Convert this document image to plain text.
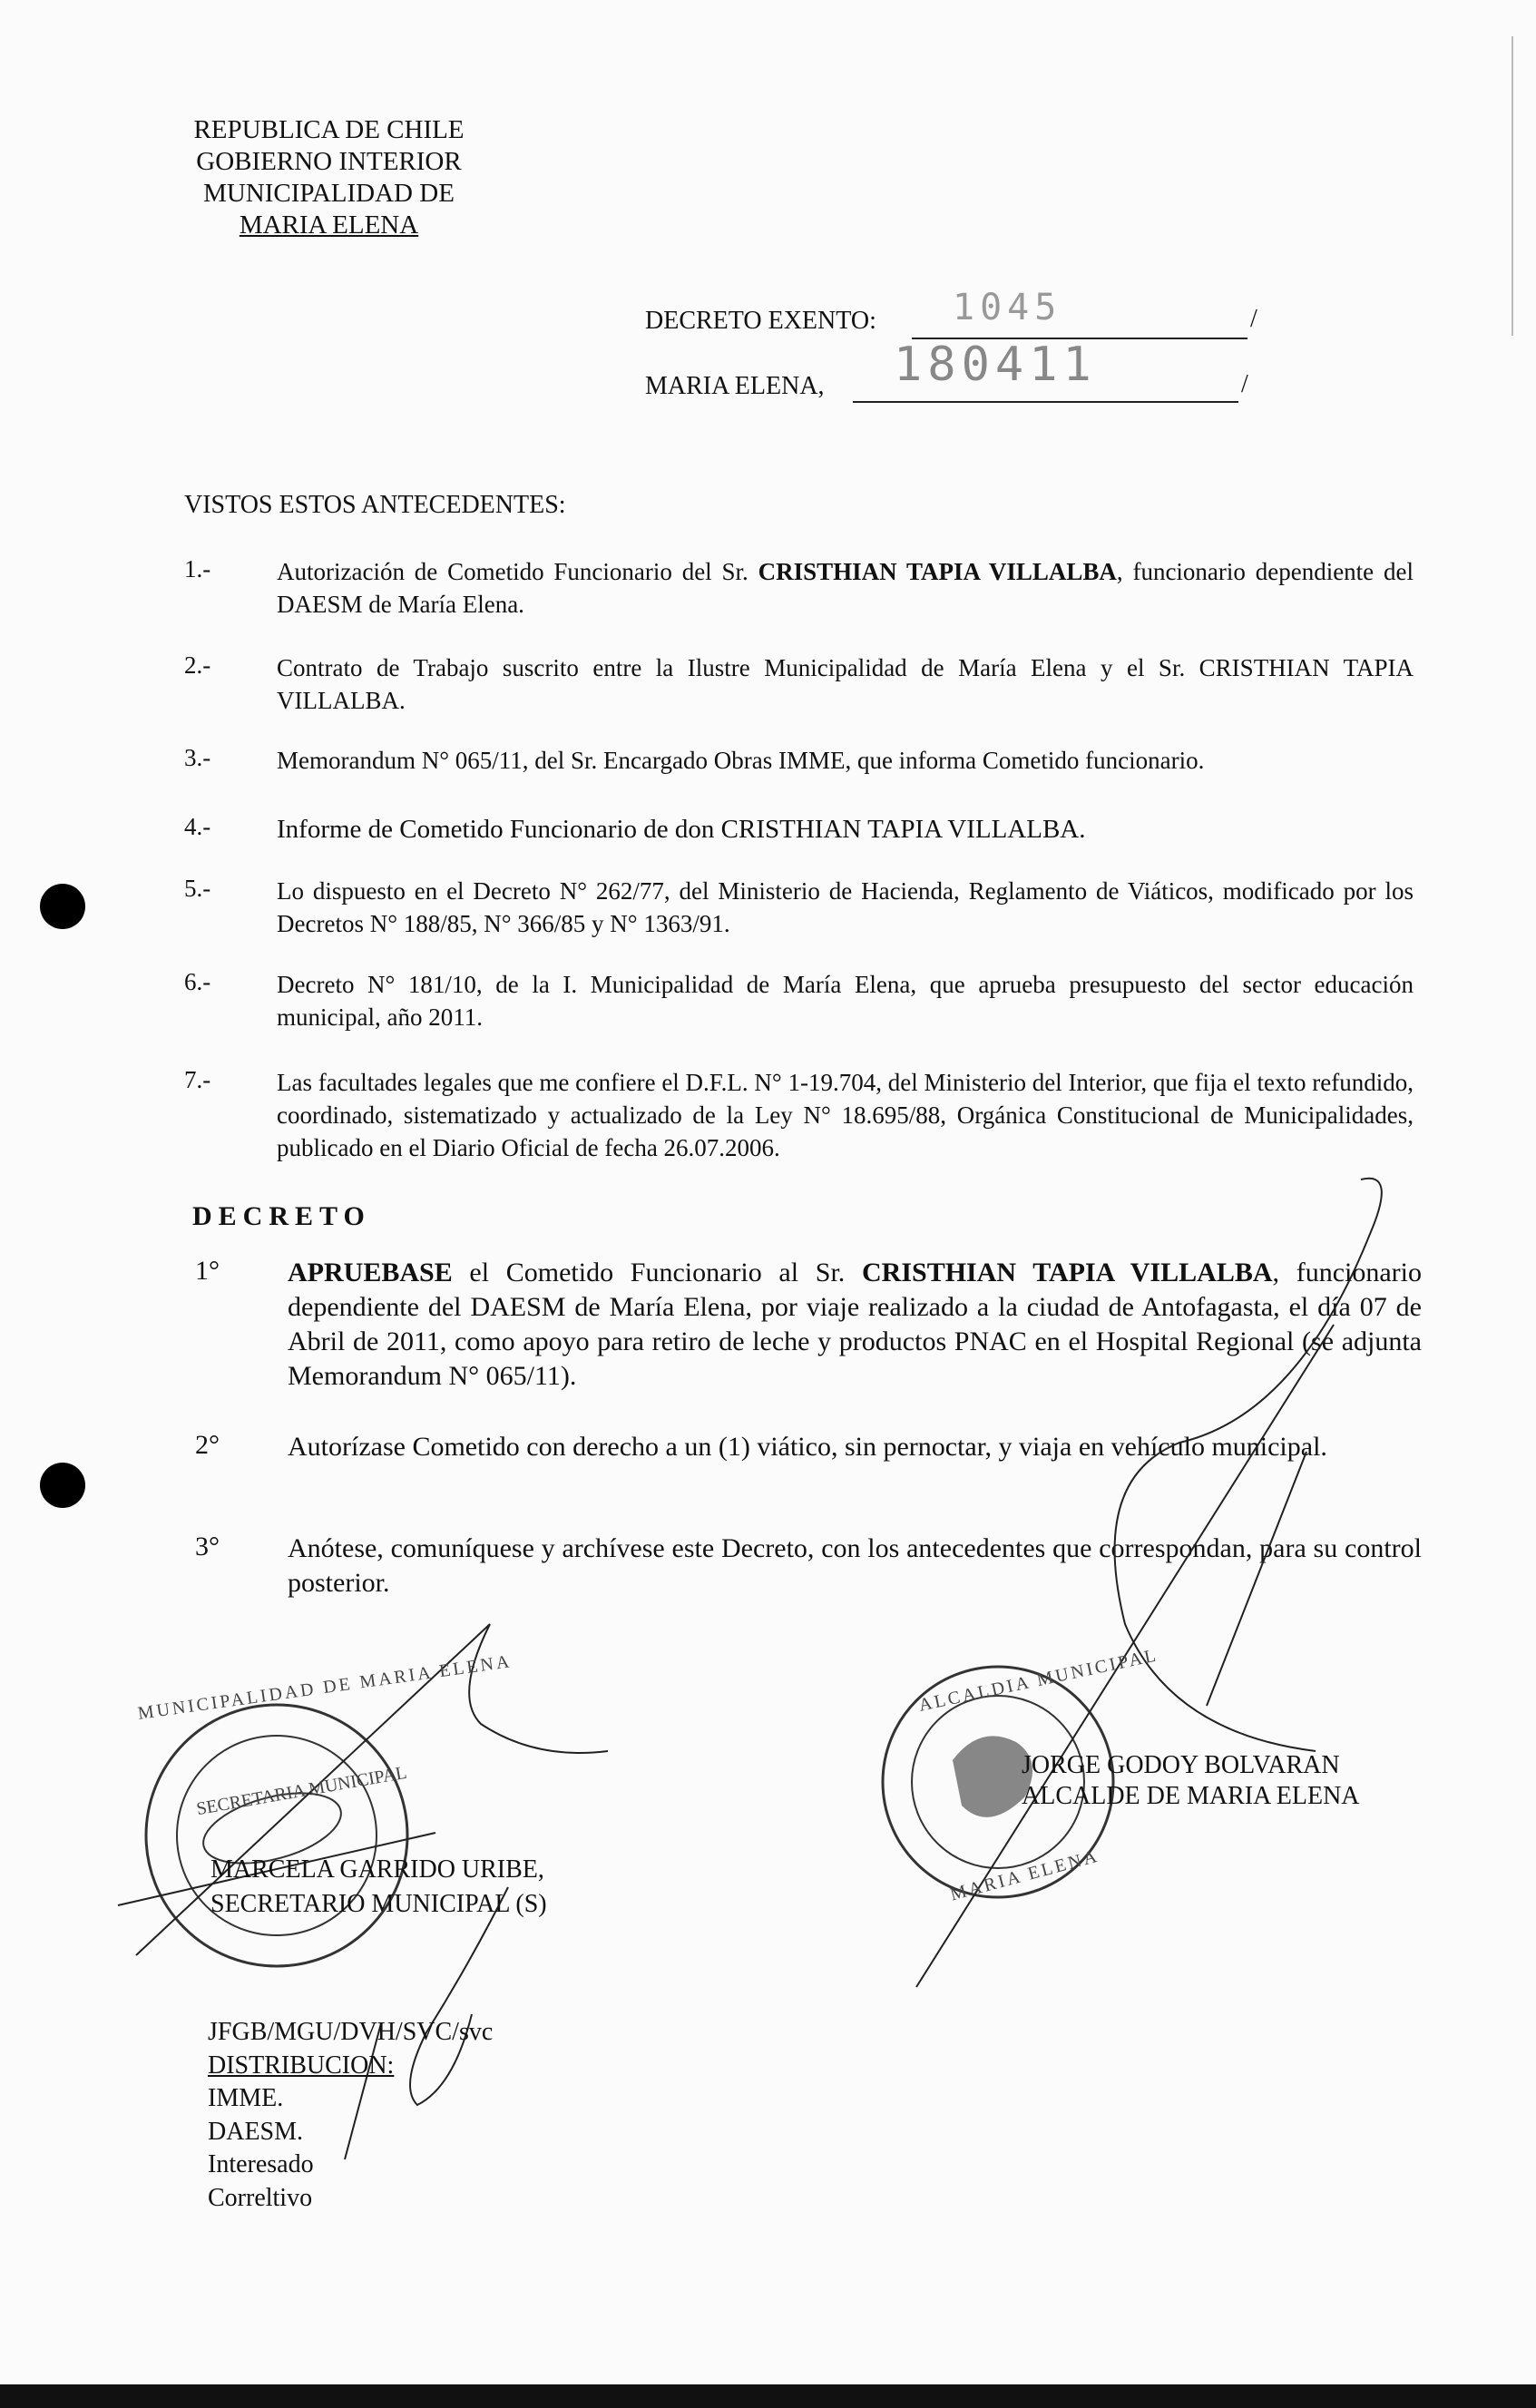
REPUBLICA DE CHILE
GOBIERNO INTERIOR
MUNICIPALIDAD DE
MARIA ELENA
DECRETO EXENTO: 1045	/
MARIA ELENA, 180411	/
VISTOS ESTOS ANTECEDENTES:
1.-	Autorización de Cometido Funcionario del Sr. CRISTHIAN TAPIA VILLALBA, funcionario dependiente del DAESM de María Elena.
2.-	Contrato de Trabajo suscrito entre la Ilustre Municipalidad de María Elena y el Sr. CRISTHIAN TAPIA VILLALBA.
3.-	Memorandum N° 065/11, del Sr. Encargado Obras IMME, que informa Cometido funcionario.
4.-	Informe de Cometido Funcionario de don CRISTHIAN TAPIA VILLALBA.
5.-	Lo dispuesto en el Decreto N° 262/77, del Ministerio de Hacienda, Reglamento de Viáticos, modificado por los Decretos N° 188/85, N° 366/85 y N° 1363/91.
6.-	Decreto N° 181/10, de la I. Municipalidad de María Elena, que aprueba presupuesto del sector educación municipal, año 2011.
7.-	Las facultades legales que me confiere el D.F.L. N° 1-19.704, del Ministerio del Interior, que fija el texto refundido, coordinado, sistematizado y actualizado de la Ley N° 18.695/88, Orgánica Constitucional de Municipalidades, publicado en el Diario Oficial de fecha 26.07.2006.
DECRETO
1°	APRUEBASE el Cometido Funcionario al Sr. CRISTHIAN TAPIA VILLALBA, funcionario dependiente del DAESM de María Elena, por viaje realizado a la ciudad de Antofagasta, el día 07 de Abril de 2011, como apoyo para retiro de leche y productos PNAC en el Hospital Regional (se adjunta Memorandum N° 065/11).
2°	Autorízase Cometido con derecho a un (1) viático, sin pernoctar, y viaja en vehículo municipal.
3°	Anótese, comuníquese y archívese este Decreto, con los antecedentes que correspondan, para su control posterior.
MARCELA GARRIDO URIBE,
SECRETARIO MUNICIPAL (S)
SECRETARIA MUNICIPAL
MUNICIPALIDAD DE MARIA ELENA
JORGE GODOY BOLVARAN
ALCALDE DE MARIA ELENA
ALCALDIA MUNICIPAL
MARIA ELENA
JFGB/MGU/DVH/SVC/svc
DISTRIBUCION:
IMME.
DAESM.
Interesado
Correltivo
